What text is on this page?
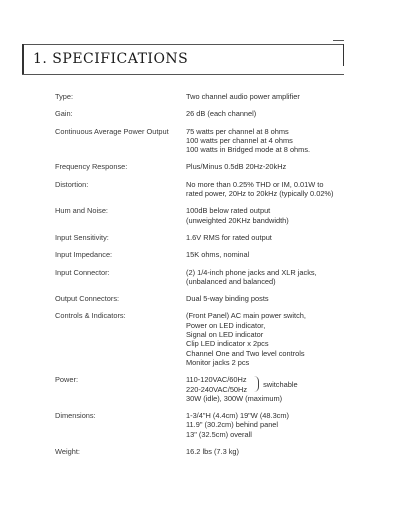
1. SPECIFICATIONS
Type:	Two channel audio power amplifier
Gain:	26 dB (each channel)
Continuous Average Power Output	75 watts per channel at 8 ohms
100 watts per channel at 4 ohms
100 watts in Bridged mode at 8 ohms.
Frequency Response:	Plus/Minus 0.5dB 20Hz-20kHz
Distortion:	No more than 0.25% THD or IM, 0.01W to
rated power, 20Hz to 20kHz (typically 0.02%)
Hum and Noise:	100dB below rated output
(unweighted 20KHz bandwidth)
Input Sensitivity:	1.6V RMS for rated output
Input Impedance:	15K ohms, nominal
Input Connector:	(2) 1/4-inch phone jacks and XLR jacks,
(unbalanced and balanced)
Output Connectors:	Dual 5-way binding posts
Controls & Indicators:	(Front Panel) AC main power switch,
Power on LED indicator,
Signal on LED indicator
Clip LED indicator x 2pcs
Channel One and Two level controls
Monitor jacks 2 pcs
Power:	110-120VAC/60Hz
220-240VAC/50Hz switchable
30W (idle), 300W (maximum)
Dimensions:	1-3/4"H (4.4cm) 19"W (48.3cm)
11.9" (30.2cm) behind panel
13" (32.5cm) overall
Weight:	16.2 lbs (7.3 kg)
